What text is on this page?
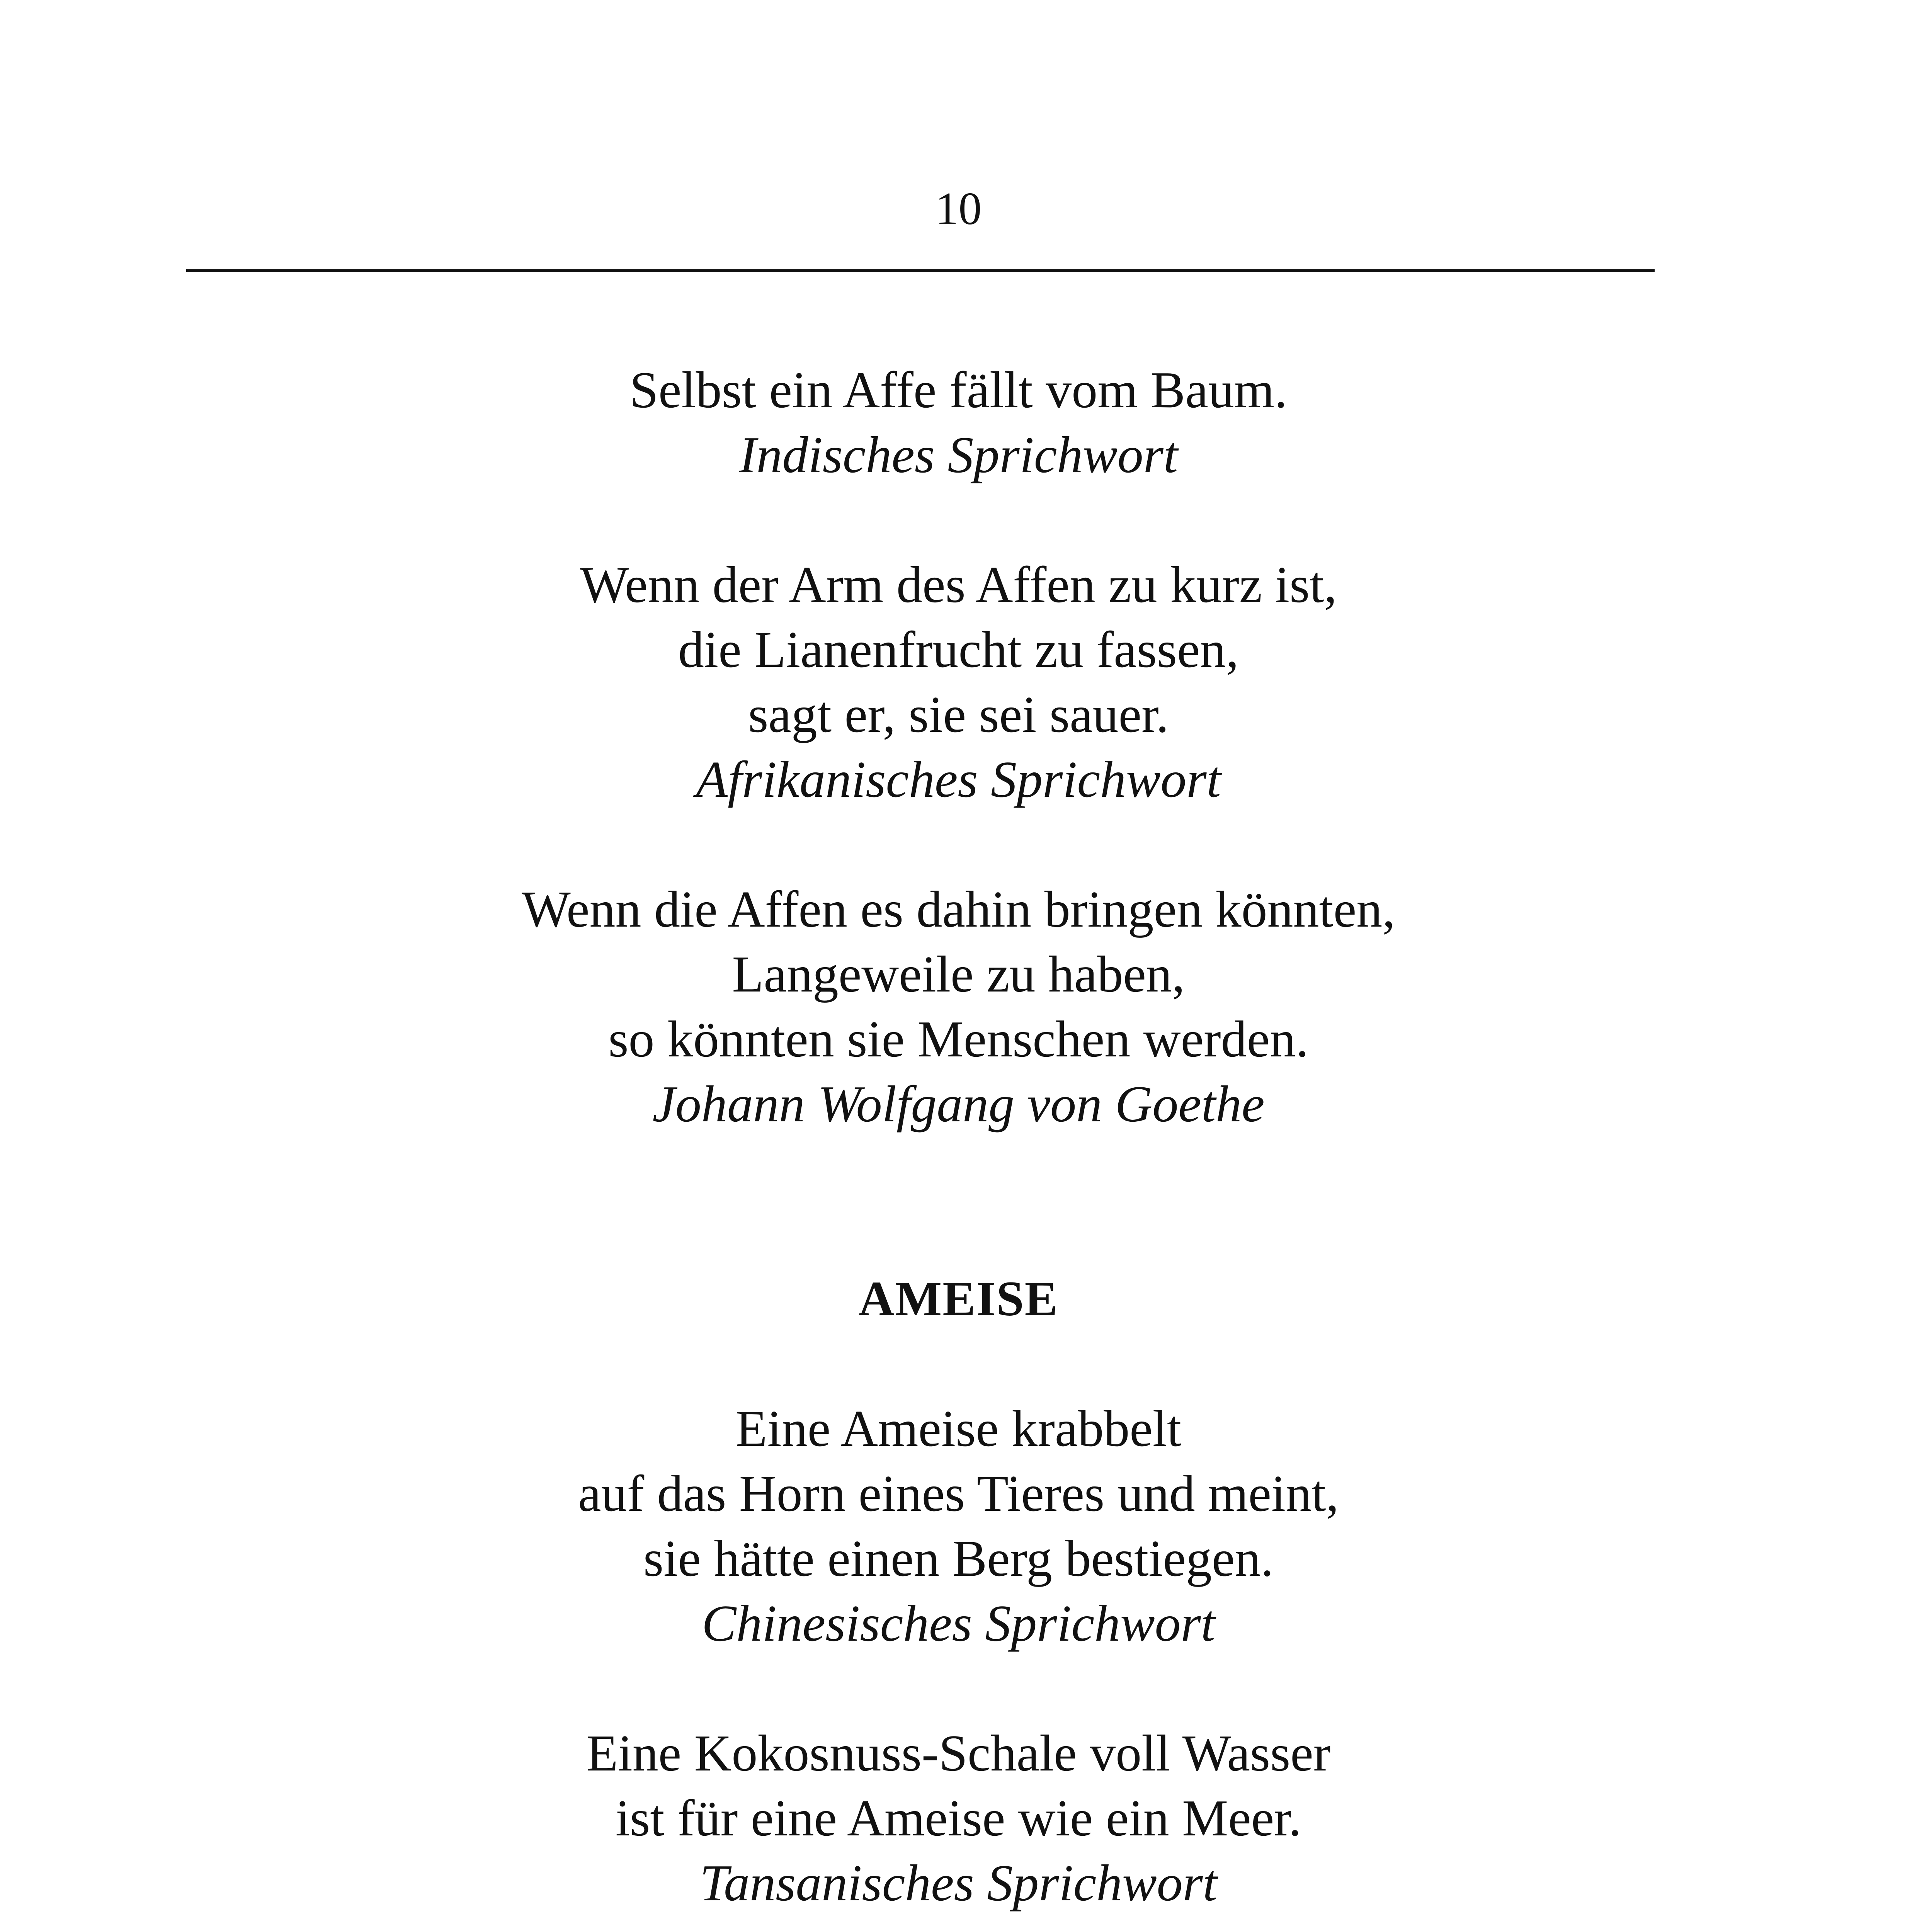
10
Selbst ein Affe fällt vom Baum.
Indisches Sprichwort
Wenn der Arm des Affen zu kurz ist,
die Lianenfrucht zu fassen,
sagt er, sie sei sauer.
Afrikanisches Sprichwort
Wenn die Affen es dahin bringen könnten,
Langeweile zu haben,
so könnten sie Menschen werden.
Johann Wolfgang von Goethe
AMEISE
Eine Ameise krabbelt
auf das Horn eines Tieres und meint,
sie hätte einen Berg bestiegen.
Chinesisches Sprichwort
Eine Kokosnuss-Schale voll Wasser
ist für eine Ameise wie ein Meer.
Tansanisches Sprichwort
